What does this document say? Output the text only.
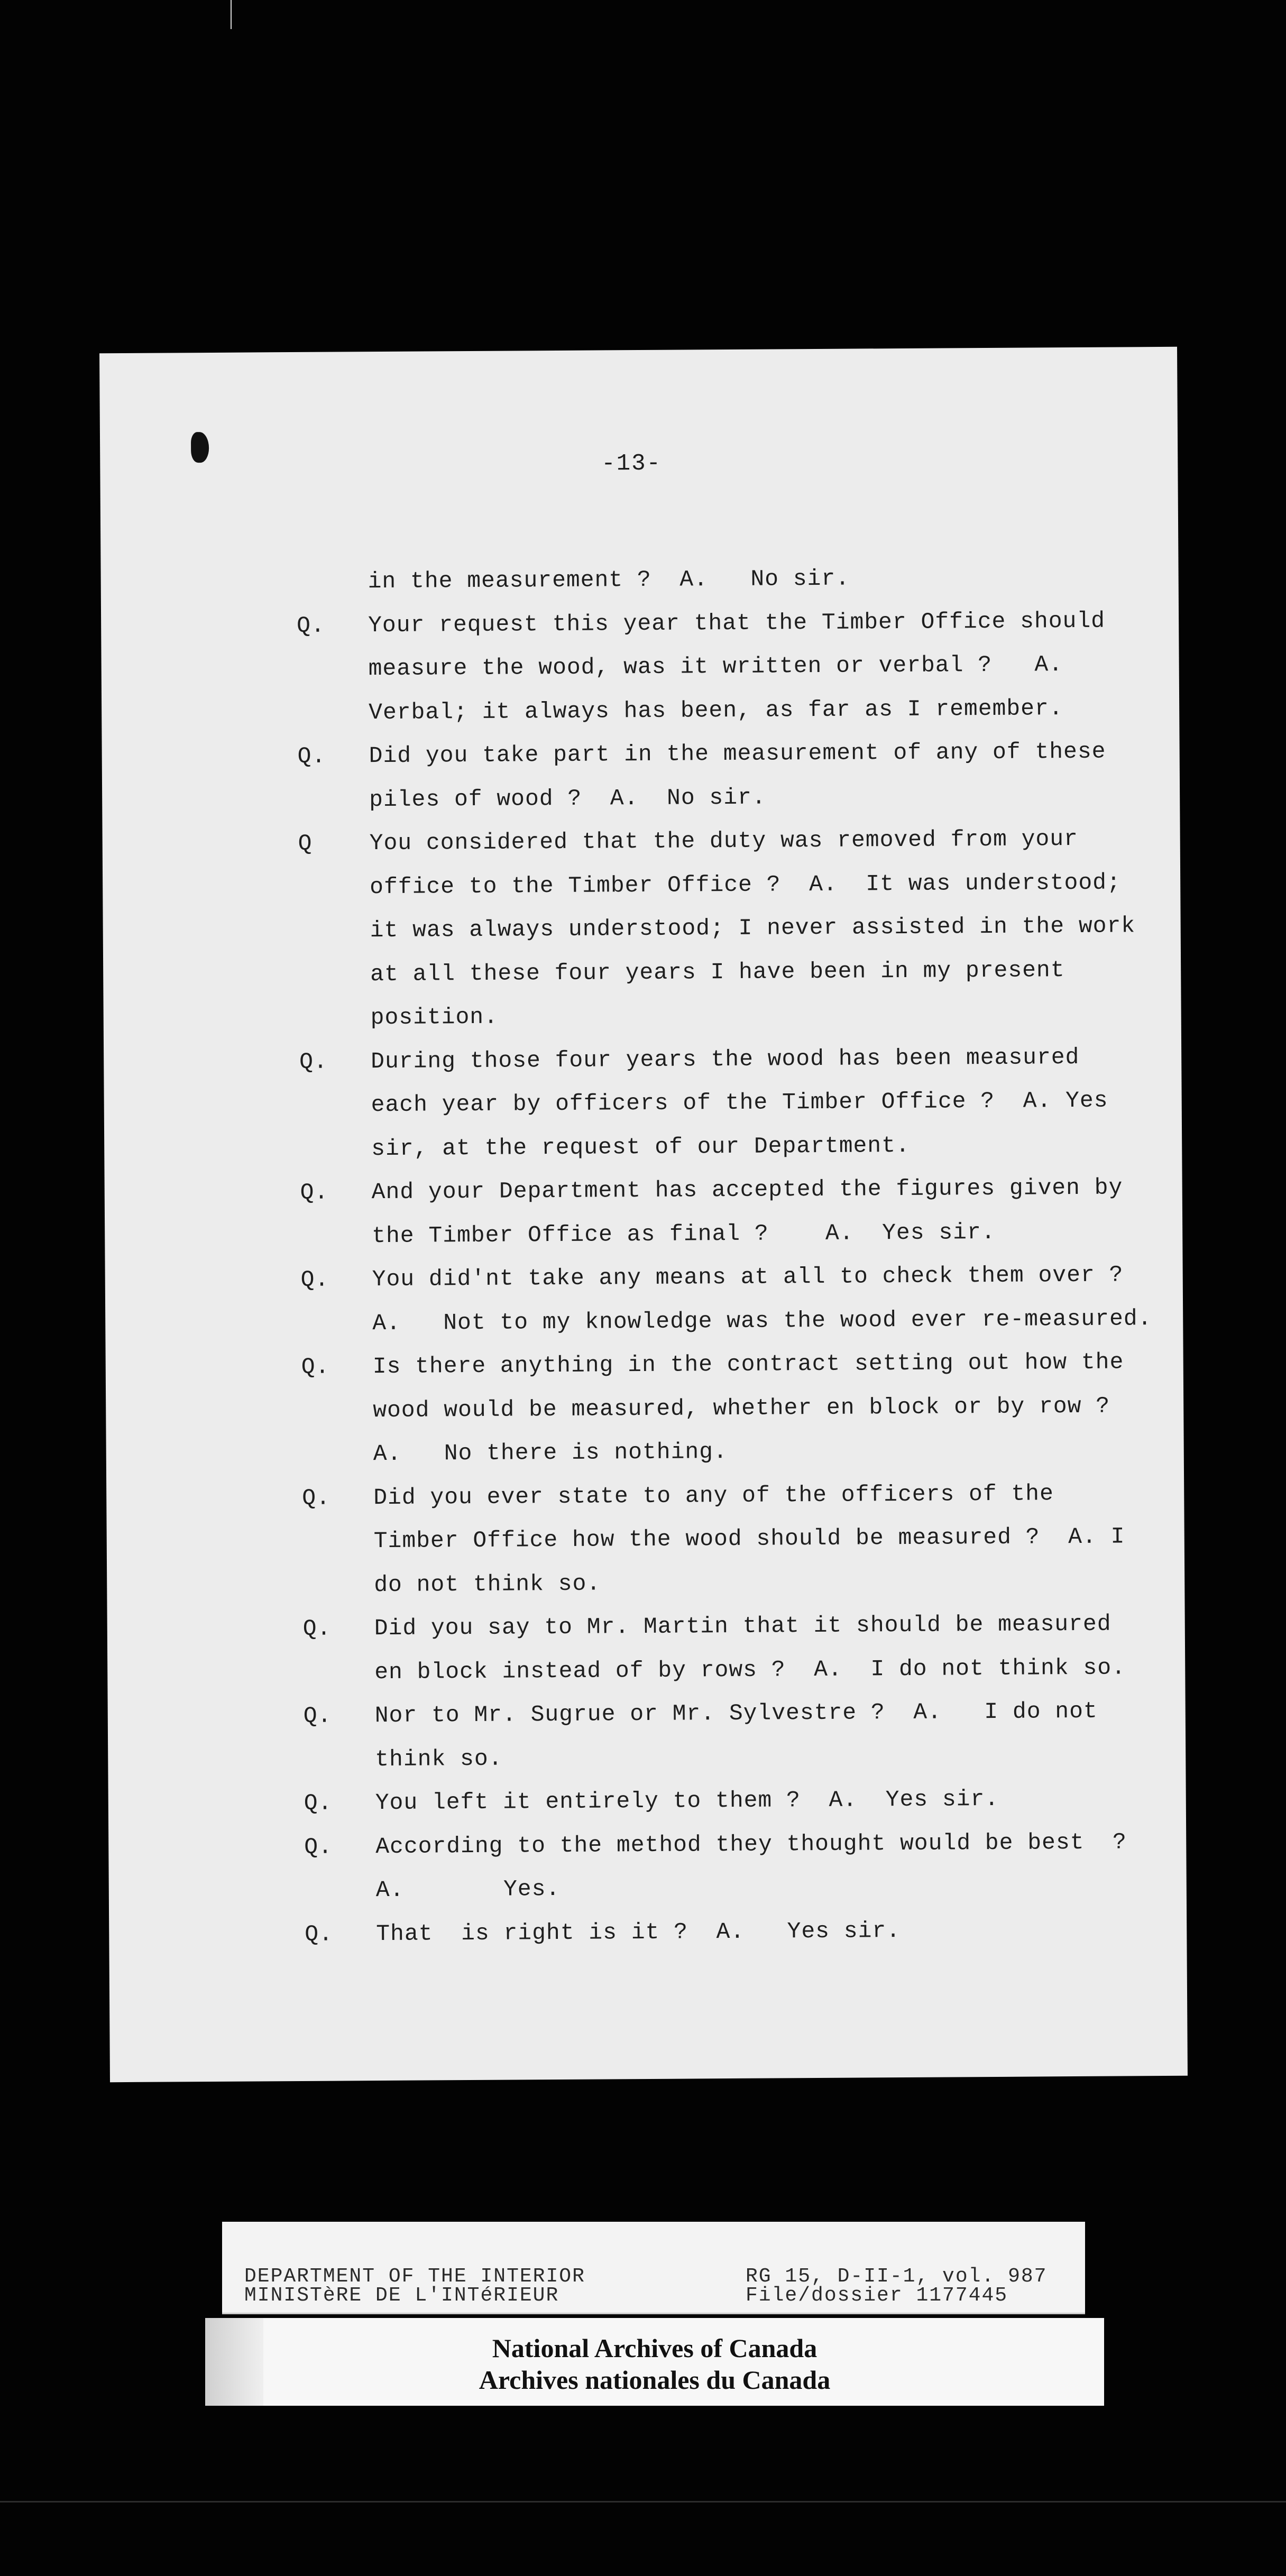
-13-
in the measurement ?  A.   No sir.
Q. Your request this year that the Timber Office should
measure the wood, was it written or verbal ?   A.
Verbal; it always has been, as far as I remember.
Q. Did you take part in the measurement of any of these
piles of wood ?  A.  No sir.
Q	You considered that the duty was removed from your
office to the Timber Office ?  A.  It was understood;
it was always understood; I never assisted in the work
at all these four years I have been in my present
position.
Q. During those four years the wood has been measured
each year by officers of the Timber Office ?  A. Yes
sir, at the request of our Department.
Q. And your Department has accepted the figures given by
the Timber Office as final ?    A.  Yes sir.
Q. You did'nt take any means at all to check them over ?
A.   Not to my knowledge was the wood ever re-measured.
Q. Is there anything in the contract setting out how the
wood would be measured, whether en block or by row ?
A.   No there is nothing.
Q. Did you ever state to any of the officers of the
Timber Office how the wood should be measured ?  A. I
do not think so.
Q. Did you say to Mr. Martin that it should be measured
en block instead of by rows ?  A.  I do not think so.
Q. Nor to Mr. Sugrue or Mr. Sylvestre ?  A.   I do not
think so.
Q. You left it entirely to them ?  A.  Yes sir.
Q. According to the method they thought would be best  ?
A.       Yes.
Q. That  is right is it ?  A.   Yes sir.
DEPARTMENT OF THE INTERIOR
MINISTèRE DE L'INTéRIEUR
RG 15, D-II-1, vol. 987
File/dossier 1177445
National Archives of Canada
Archives nationales du Canada
